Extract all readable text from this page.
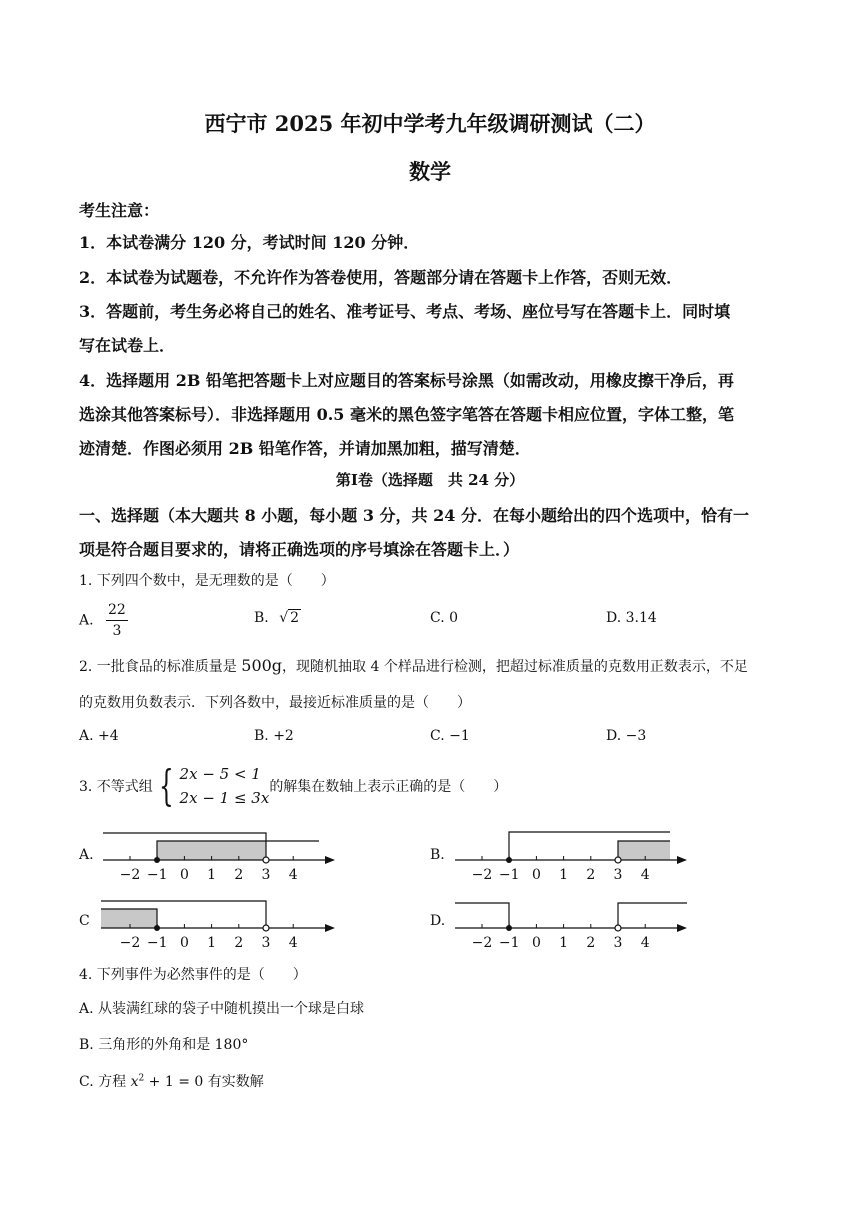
西宁市 2025 年初中学考九年级调研测试（二）
数学
考生注意：
1．本试卷满分 120 分，考试时间 120 分钟．
2．本试卷为试题卷，不允许作为答卷使用，答题部分请在答题卡上作答，否则无效．
3．答题前，考生务必将自己的姓名、准考证号、考点、考场、座位号写在答题卡上．同时填
写在试卷上．
4．选择题用 2B 铅笔把答题卡上对应题目的答案标号涂黑（如需改动，用橡皮擦干净后，再
选涂其他答案标号）．非选择题用 0.5 毫米的黑色签字笔答在答题卡相应位置，字体工整，笔
迹清楚．作图必须用 2B 铅笔作答，并请加黑加粗，描写清楚．
第Ⅰ卷（选择题　共 24 分）
一、选择题（本大题共 8 小题，每小题 3 分，共 24 分．在每小题给出的四个选项中，恰有一
项是符合题目要求的，请将正确选项的序号填涂在答题卡上．）
1. 下列四个数中，是无理数的是（　　）
A. $\frac{22}{3}$	B. √ 2	C. 0	D. 3.14
2. 一批食品的标准质量是 500g，现随机抽取 4 个样品进行检测，把超过标准质量的克数用正数表示，不足
的克数用负数表示．下列各数中，最接近标准质量的是（　　）
A. +4	B. +2	C. −1	D. −3
3. 不等式组 { 2x − 5 < 1
2x − 1 ≤ 3x
的解集在数轴上表示正确的是（　　）
A.
−2 −1 0 1 2 3 4
B.
−2 −1 0 1 2 3 4
C
−2 −1 0 1 2 3 4
D.
−2 −1 0 1 2 3 4
4. 下列事件为必然事件的是（　　）
A. 从装满红球的袋子中随机摸出一个球是白球
B. 三角形的外角和是 180°
C. 方程 $x^2 + 1 = 0$ 有实数解
